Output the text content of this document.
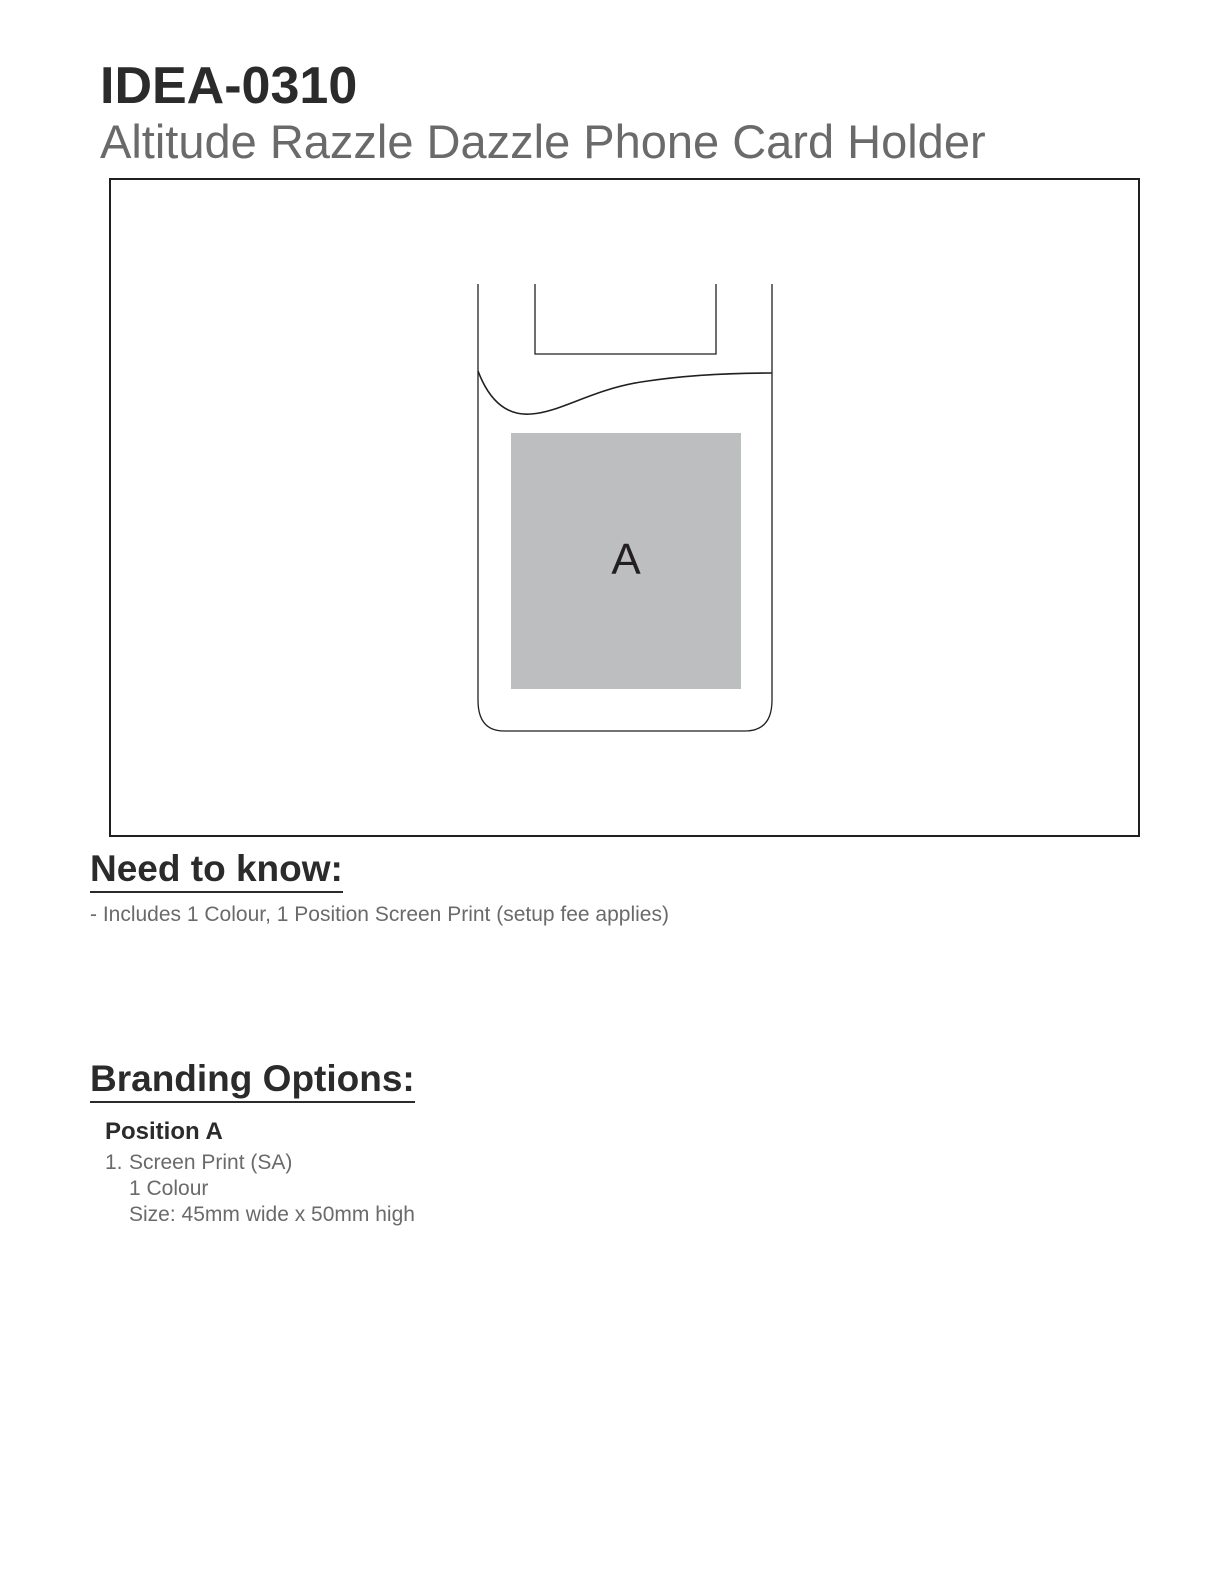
IDEA-0310
Altitude Razzle Dazzle Phone Card Holder
A
Need to know:
- Includes 1 Colour, 1 Position Screen Print (setup fee applies)
Branding Options:
Position A
1. Screen Print (SA)
1 Colour
Size: 45mm wide x 50mm high
